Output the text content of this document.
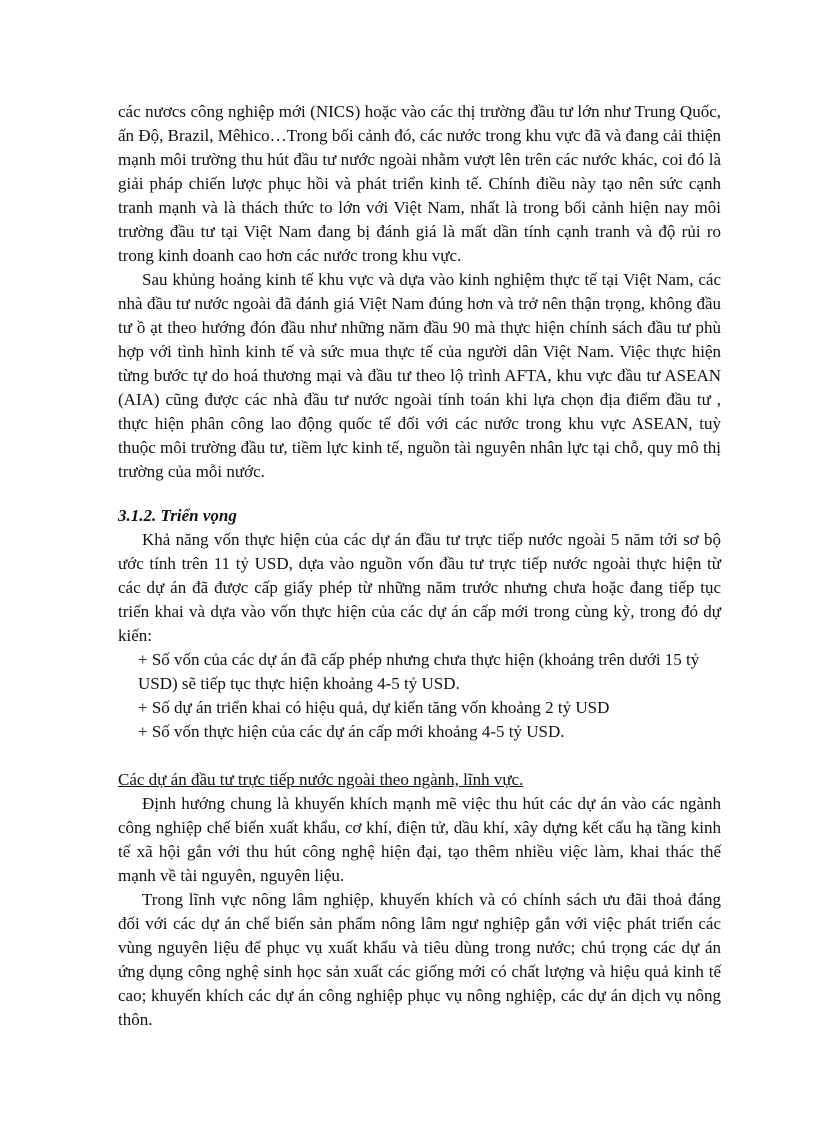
các nươcs công nghiệp mới (NICS) hoặc vào các thị trường đầu tư lớn như Trung Quốc, ấn Độ, Brazil, Mêhico…Trong bối cảnh đó, các nước trong khu vực đã và đang cải thiện mạnh môi trường thu hút đầu tư nước ngoài nhằm vượt lên trên các nước khác, coi đó là giải pháp chiến lược phục hồi và phát triển kinh tế. Chính điều này tạo nên sức cạnh tranh mạnh và là thách thức to lớn với Việt Nam, nhất là trong bối cảnh hiện nay môi trường đầu tư tại Việt Nam đang bị đánh giá là mất dần tính cạnh tranh và độ rủi ro trong kinh doanh cao hơn các nước trong khu vực.

Sau khủng hoảng kinh tế khu vực và dựa vào kinh nghiệm thực tế tại Việt Nam, các nhà đầu tư nước ngoài đã đánh giá Việt Nam đúng hơn và trở nên thận trọng, không đầu tư ồ ạt theo hướng đón đầu như những năm đầu 90 mà thực hiện chính sách đầu tư phù hợp với tình hình kinh tế và sức mua thực tế của người dân Việt Nam. Việc thực hiện từng bước tự do hoá thương mại và đầu tư theo lộ trình AFTA, khu vực đầu tư ASEAN (AIA) cũng được các nhà đầu tư nước ngoài tính toán khi lựa chọn địa điểm đầu tư , thực hiện phân công lao động quốc tế đối với các nước trong khu vực ASEAN, tuỳ thuộc môi trường đầu tư, tiềm lực kinh tế, nguồn tài nguyên nhân lực tại chỗ, quy mô thị trường của mỗi nước.

3.1.2. Triển vọng

Khả năng vốn thực hiện của các dự án đầu tư trực tiếp nước ngoài 5 năm tới sơ bộ ước tính trên 11 tỷ USD, dựa vào nguồn vốn đầu tư trực tiếp nước ngoài thực hiện từ các dự án đã được cấp giấy phép từ những năm trước nhưng chưa hoặc đang tiếp tục triển khai và dựa vào vốn thực hiện của các dự án cấp mới trong cùng kỳ, trong đó dự kiến:

+ Số vốn của các dự án đã cấp phép nhưng chưa thực hiện (khoảng trên dưới 15 tỷ USD) sẽ tiếp tục thực hiện khoảng 4-5 tỷ USD.

+ Số dự án triển khai có hiệu quả, dự kiến tăng vốn khoảng 2 tỷ USD

+ Số vốn thực hiện của các dự án cấp mới khoảng 4-5 tỷ USD.

Các dự án đầu tư trực tiếp nước ngoài theo ngành, lĩnh vực.

Định hướng chung là khuyến khích mạnh mẽ việc thu hút các dự án vào các ngành công nghiệp chế biến xuất khẩu, cơ khí, điện tử, dầu khí, xây dựng kết cấu hạ tầng kinh tế xã hội gắn với thu hút công nghệ hiện đại, tạo thêm nhiều việc làm, khai thác thế mạnh về tài nguyên, nguyên liệu.

Trong lĩnh vực nông lâm nghiệp, khuyến khích và có chính sách ưu đãi thoả đáng đối với các dự án chế biến sản phẩm nông lâm ngư nghiệp gắn với việc phát triển các vùng nguyên liệu để phục vụ xuất khẩu và tiêu dùng trong nước; chú trọng các dự án ứng dụng công nghệ sinh học sản xuất các giống mới có chất lượng và hiệu quả kinh tế cao; khuyến khích các dự án công nghiệp phục vụ nông nghiệp, các dự án dịch vụ nông thôn.
